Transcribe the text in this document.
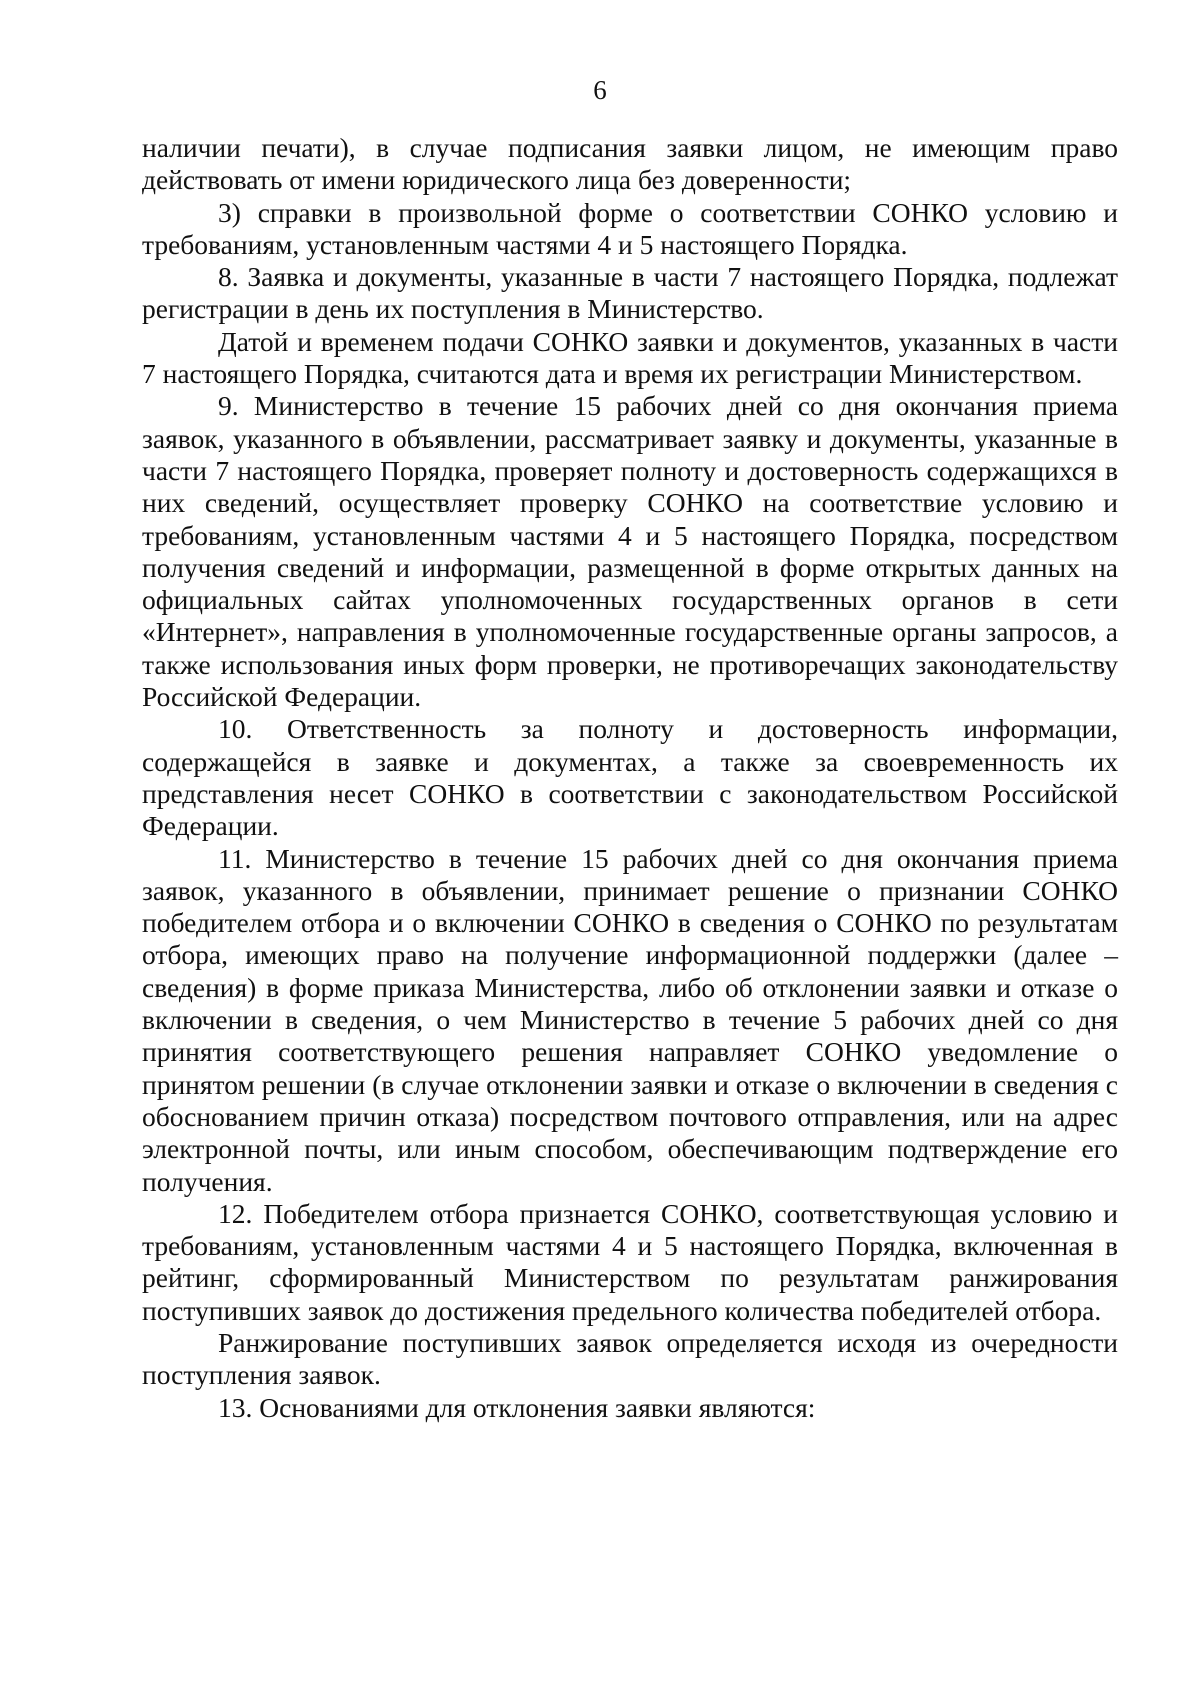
6

наличии печати), в случае подписания заявки лицом, не имеющим право действовать от имени юридического лица без доверенности;

3) справки в произвольной форме о соответствии СОНКО условию и требованиям, установленным частями 4 и 5 настоящего Порядка.

8. Заявка и документы, указанные в части 7 настоящего Порядка, подлежат регистрации в день их поступления в Министерство.

Датой и временем подачи СОНКО заявки и документов, указанных в части 7 настоящего Порядка, считаются дата и время их регистрации Министерством.

9. Министерство в течение 15 рабочих дней со дня окончания приема заявок, указанного в объявлении, рассматривает заявку и документы, указанные в части 7 настоящего Порядка, проверяет полноту и достоверность содержащихся в них сведений, осуществляет проверку СОНКО на соответствие условию и требованиям, установленным частями 4 и 5 настоящего Порядка, посредством получения сведений и информации, размещенной в форме открытых данных на официальных сайтах уполномоченных государственных органов в сети «Интернет», направления в уполномоченные государственные органы запросов, а также использования иных форм проверки, не противоречащих законодательству Российской Федерации.

10. Ответственность за полноту и достоверность информации, содержащейся в заявке и документах, а также за своевременность их представления несет СОНКО в соответствии с законодательством Российской Федерации.

11. Министерство в течение 15 рабочих дней со дня окончания приема заявок, указанного в объявлении, принимает решение о признании СОНКО победителем отбора и о включении СОНКО в сведения о СОНКО по результатам отбора, имеющих право на получение информационной поддержки (далее – сведения) в форме приказа Министерства, либо об отклонении заявки и отказе о включении в сведения, о чем Министерство в течение 5 рабочих дней со дня принятия соответствующего решения направляет СОНКО уведомление о принятом решении (в случае отклонении заявки и отказе о включении в сведения с обоснованием причин отказа) посредством почтового отправления, или на адрес электронной почты, или иным способом, обеспечивающим подтверждение его получения.

12. Победителем отбора признается СОНКО, соответствующая условию и требованиям, установленным частями 4 и 5 настоящего Порядка, включенная в рейтинг, сформированный Министерством по результатам ранжирования поступивших заявок до достижения предельного количества победителей отбора.

Ранжирование поступивших заявок определяется исходя из очередности поступления заявок.

13. Основаниями для отклонения заявки являются:
